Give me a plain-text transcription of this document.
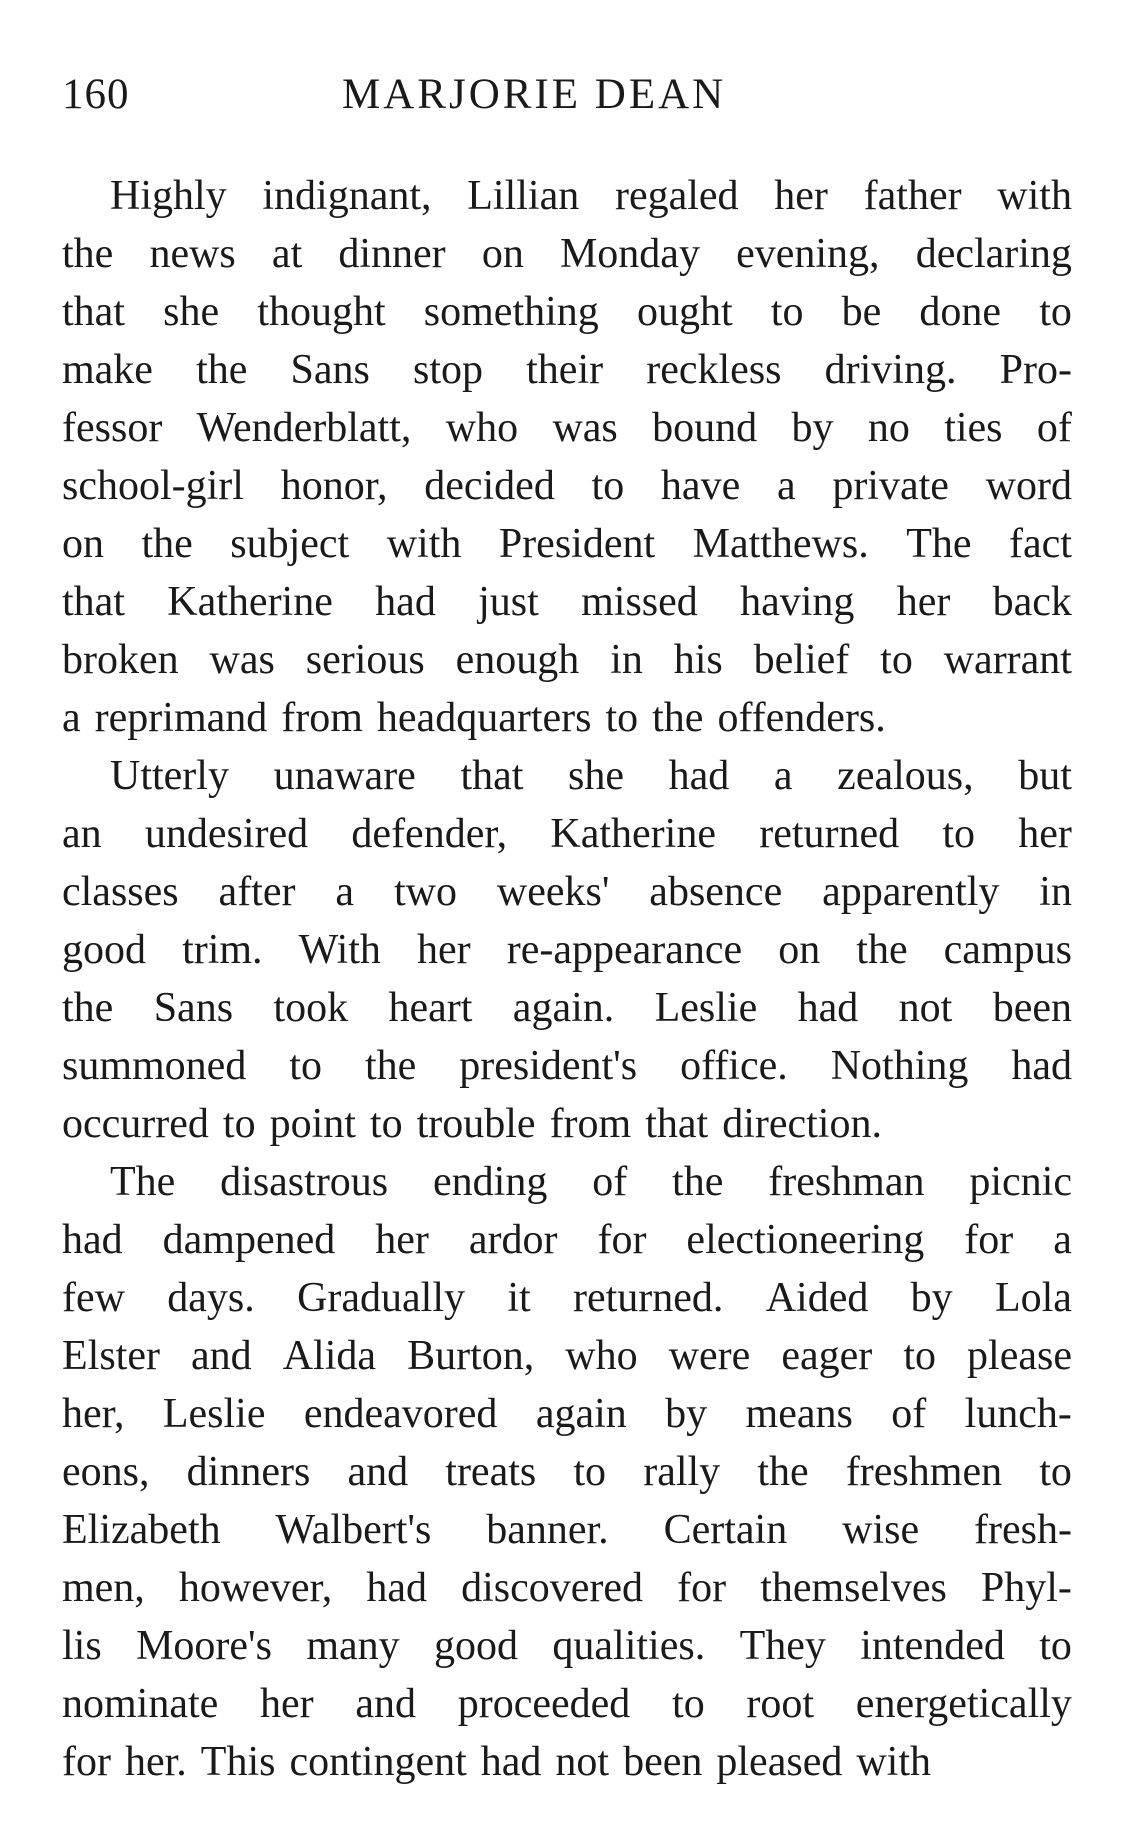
160	MARJORIE DEAN
Highly indignant, Lillian regaled her father with
the news at dinner on Monday evening, declaring
that she thought something ought to be done to
make the Sans stop their reckless driving. Pro-
fessor Wenderblatt, who was bound by no ties of
school-girl honor, decided to have a private word
on the subject with President Matthews. The fact
that Katherine had just missed having her back
broken was serious enough in his belief to warrant
a reprimand from headquarters to the offenders.
Utterly unaware that she had a zealous, but
an undesired defender, Katherine returned to her
classes after a two weeks' absence apparently in
good trim. With her re-appearance on the campus
the Sans took heart again. Leslie had not been
summoned to the president's office. Nothing had
occurred to point to trouble from that direction.
The disastrous ending of the freshman picnic
had dampened her ardor for electioneering for a
few days. Gradually it returned. Aided by Lola
Elster and Alida Burton, who were eager to please
her, Leslie endeavored again by means of lunch-
eons, dinners and treats to rally the freshmen to
Elizabeth Walbert's banner. Certain wise fresh-
men, however, had discovered for themselves Phyl-
lis Moore's many good qualities. They intended to
nominate her and proceeded to root energetically
for her. This contingent had not been pleased with
